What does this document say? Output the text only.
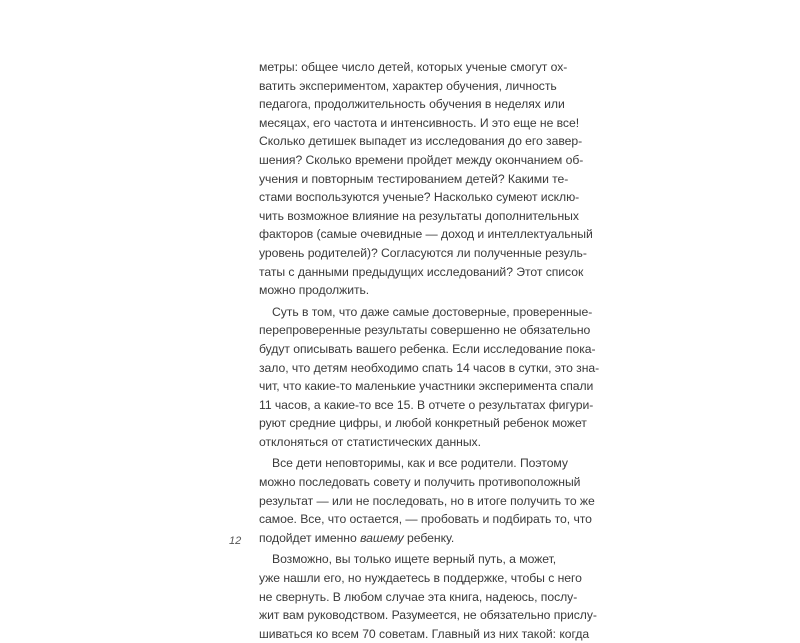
метры: общее число детей, которых ученые смогут ох-
ватить экспериментом, характер обучения, личность
педагога, продолжительность обучения в неделях или
месяцах, его частота и интенсивность. И это еще не все!
Сколько детишек выпадет из исследования до его завер-
шения? Сколько времени пройдет между окончанием об-
учения и повторным тестированием детей? Какими те-
стами воспользуются ученые? Насколько сумеют исклю-
чить возможное влияние на результаты дополнительных
факторов (самые очевидные — доход и интеллектуальный
уровень родителей)? Согласуются ли полученные резуль-
таты с данными предыдущих исследований? Этот список
можно продолжить.
Суть в том, что даже самые достоверные, проверенные-
перепроверенные результаты совершенно не обязательно
будут описывать вашего ребенка. Если исследование пока-
зало, что детям необходимо спать 14 часов в сутки, это зна-
чит, что какие-то маленькие участники эксперимента спали
11 часов, а какие-то все 15. В отчете о результатах фигури-
руют средние цифры, и любой конкретный ребенок может
отклоняться от статистических данных.
Все дети неповторимы, как и все родители. Поэтому
можно последовать совету и получить противоположный
результат — или не последовать, но в итоге получить то же
самое. Все, что остается, — пробовать и подбирать то, что
подойдет именно вашему ребенку.
Возможно, вы только ищете верный путь, а может,
уже нашли его, но нуждаетесь в поддержке, чтобы с него
не свернуть. В любом случае эта книга, надеюсь, послу-
жит вам руководством. Разумеется, не обязательно прислу-
шиваться ко всем 70 советам. Главный из них такой: когда
12
